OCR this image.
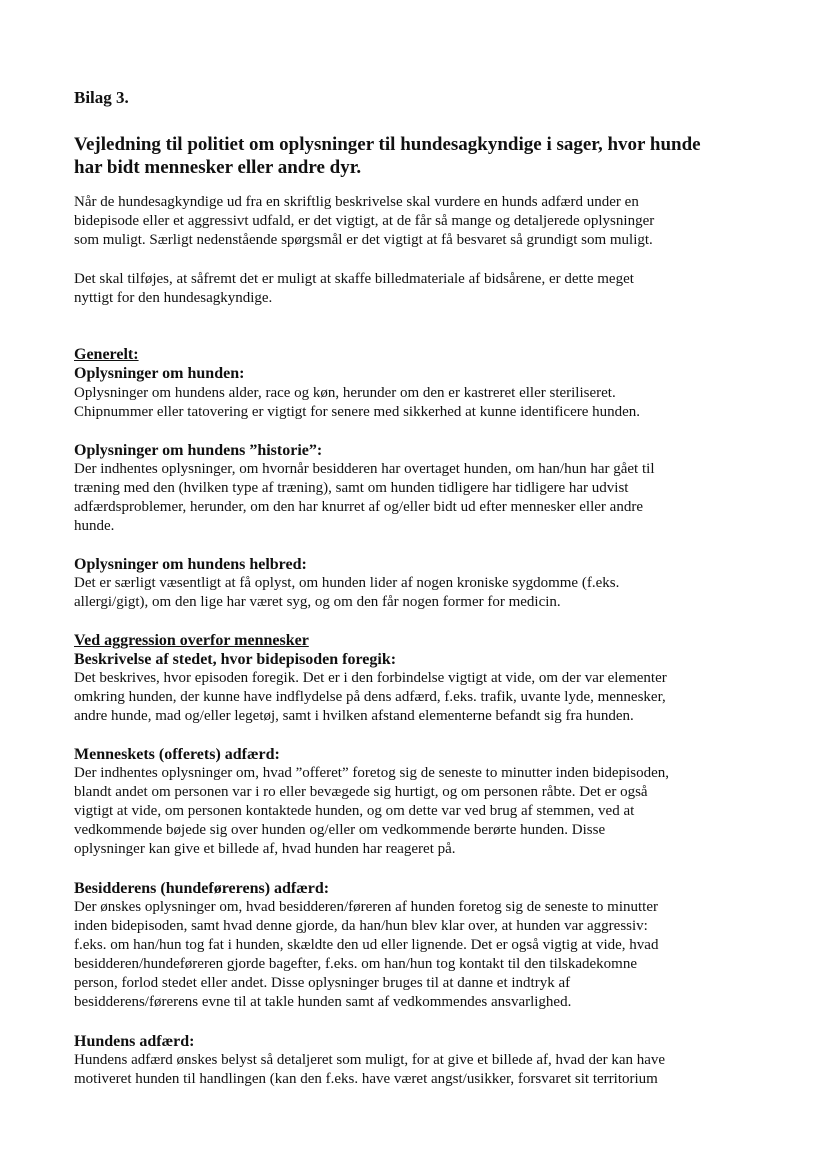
Bilag 3.
Vejledning til politiet om oplysninger til hundesagkyndige i sager, hvor hunde
har bidt mennesker eller andre dyr.

Når de hundesagkyndige ud fra en skriftlig beskrivelse skal vurdere en hunds adfærd under en
bidepisode eller et aggressivt udfald, er det vigtigt, at de får så mange og detaljerede oplysninger
som muligt. Særligt nedenstående spørgsmål er det vigtigt at få besvaret så grundigt som muligt.

Det skal tilføjes, at såfremt det er muligt at skaffe billedmateriale af bidsårene, er dette meget
nyttigt for den hundesagkyndige.

Generelt:
Oplysninger om hunden:

Oplysninger om hundens alder, race og køn, herunder om den er kastreret eller steriliseret.
Chipnummer eller tatovering er vigtigt for senere med sikkerhed at kunne identificere hunden.

Oplysninger om hundens ”historie”:

Der indhentes oplysninger, om hvornår besidderen har overtaget hunden, om han/hun har gået til
træning med den (hvilken type af træning), samt om hunden tidligere har tidligere har udvist
adfærdsproblemer, herunder, om den har knurret af og/eller bidt ud efter mennesker eller andre
hunde.

Oplysninger om hundens helbred:

Det er særligt væsentligt at få oplyst, om hunden lider af nogen kroniske sygdomme (f.eks.
allergi/gigt), om den lige har været syg, og om den får nogen former for medicin.

Ved aggression overfor mennesker
Beskrivelse af stedet, hvor bidepisoden foregik:

Det beskrives, hvor episoden foregik. Det er i den forbindelse vigtigt at vide, om der var elementer
omkring hunden, der kunne have indflydelse på dens adfærd, f.eks. trafik, uvante lyde, mennesker,
andre hunde, mad og/eller legetøj, samt i hvilken afstand elementerne befandt sig fra hunden.

Menneskets (offerets) adfærd:

Der indhentes oplysninger om, hvad ”offeret” foretog sig de seneste to minutter inden bidepisoden,
blandt andet om personen var i ro eller bevægede sig hurtigt, og om personen råbte. Det er også
vigtigt at vide, om personen kontaktede hunden, og om dette var ved brug af stemmen, ved at
vedkommende bøjede sig over hunden og/eller om vedkommende berørte hunden. Disse
oplysninger kan give et billede af, hvad hunden har reageret på.

Besidderens (hundeførerens) adfærd:

Der ønskes oplysninger om, hvad besidderen/føreren af hunden foretog sig de seneste to minutter
inden bidepisoden, samt hvad denne gjorde, da han/hun blev klar over, at hunden var aggressiv:
f.eks. om han/hun tog fat i hunden, skældte den ud eller lignende. Det er også vigtig at vide, hvad
besidderen/hundeføreren gjorde bagefter, f.eks. om han/hun tog kontakt til den tilskadekomne
person, forlod stedet eller andet. Disse oplysninger bruges til at danne et indtryk af
besidderens/førerens evne til at takle hunden samt af vedkommendes ansvarlighed.

Hundens adfærd:

Hundens adfærd ønskes belyst så detaljeret som muligt, for at give et billede af, hvad der kan have
motiveret hunden til handlingen (kan den f.eks. have været angst/usikker, forsvaret sit territorium
